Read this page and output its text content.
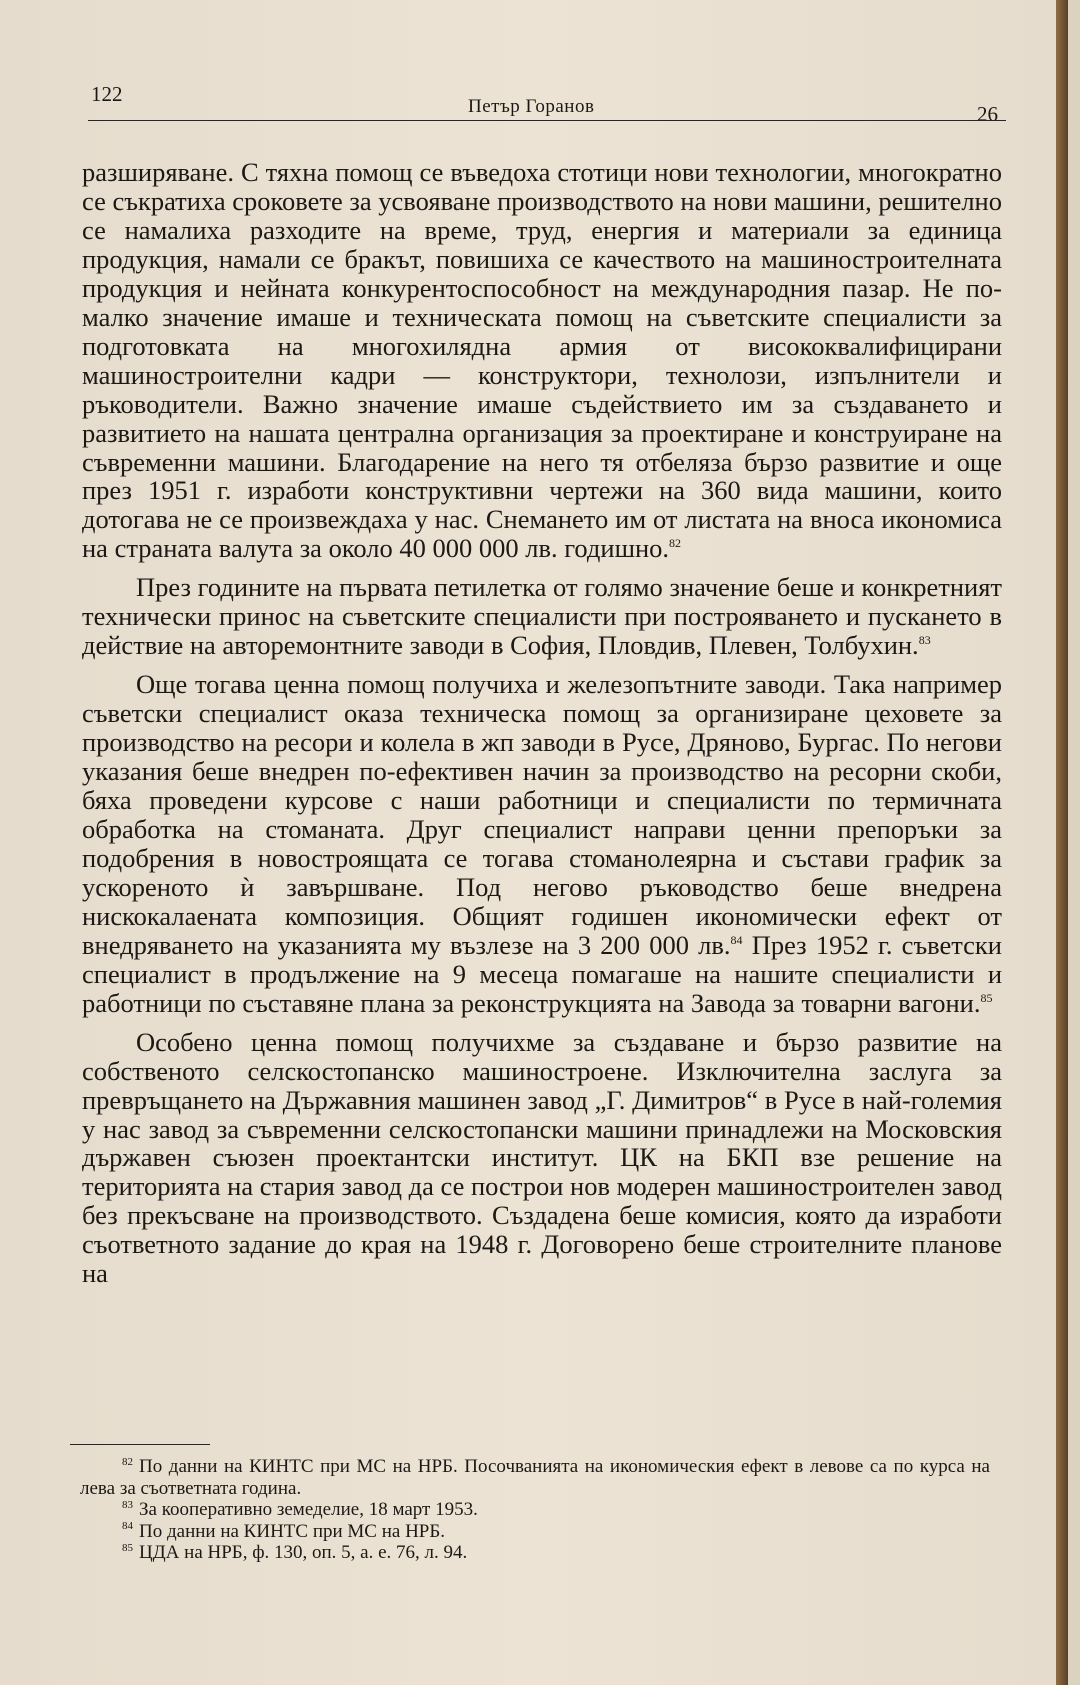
122
Петър Горанов	26

разширяване. С тяхна помощ се въведоха стотици нови технологии, многократно се съкратиха сроковете за усвояване производството на нови машини, решително се намалиха разходите на време, труд, енергия и материали за единица продукция, намали се бракът, повишиха се качеството на машиностроителната продукция и нейната конкурентоспособност на международния пазар. Не по-малко значение имаше и техническата помощ на съветските специалисти за подготовката на многохилядна армия от висококвалифицирани машиностроителни кадри — конструктори, технолози, изпълнители и ръководители. Важно значение имаше съдействието им за създаването и развитието на нашата централна организация за проектиране и конструиране на съвременни машини. Благодарение на него тя отбеляза бързо развитие и още през 1951 г. изработи конструктивни чертежи на 360 вида машини, които дотогава не се произвеждаха у нас. Снемането им от листата на вноса икономиса на страната валута за около 40 000 000 лв. годишно.$^{82}$

През годините на първата петилетка от голямо значение беше и конкретният технически принос на съветските специалисти при построяването и пускането в действие на авторемонтните заводи в София, Пловдив, Плевен, Толбухин.$^{83}$

Още тогава ценна помощ получиха и железопътните заводи. Така например съветски специалист оказа техническа помощ за организиране цеховете за производство на ресори и колела в жп заводи в Русе, Дряново, Бургас. По негови указания беше внедрен по-ефективен начин за производство на ресорни скоби, бяха проведени курсове с наши работници и специалисти по термичната обработка на стоманата. Друг специалист направи ценни препоръки за подобрения в новостроящата се тогава стоманолеярна и състави график за ускореното ѝ завършване. Под негово ръководство беше внедрена нискокалаената композиция. Общият годишен икономически ефект от внедряването на указанията му възлезе на 3 200 000 лв.$^{84}$ През 1952 г. съветски специалист в продължение на 9 месеца помагаше на нашите специалисти и работници по съставяне плана за реконструкцията на Завода за товарни вагони.$^{85}$

Особено ценна помощ получихме за създаване и бързо развитие на собственото селскостопанско машиностроене. Изключителна заслуга за превръщането на Държавния машинен завод „Г. Димитров“ в Русе в най-големия у нас завод за съвременни селскостопански машини принадлежи на Московския държавен съюзен проектантски институт. ЦК на БКП взе решение на територията на стария завод да се построи нов модерен машиностроителен завод без прекъсване на производството. Създадена беше комисия, която да изработи съответното задание до края на 1948 г. Договорено беше строителните планове на

$^{82}$ По данни на КИНТС при МС на НРБ. Посочванията на икономическия ефект в левове са по курса на лева за съответната година.

$^{83}$ За кооперативно земеделие, 18 март 1953.

$^{84}$ По данни на КИНТС при МС на НРБ.

$^{85}$ ЦДА на НРБ, ф. 130, оп. 5, а. е. 76, л. 94.
